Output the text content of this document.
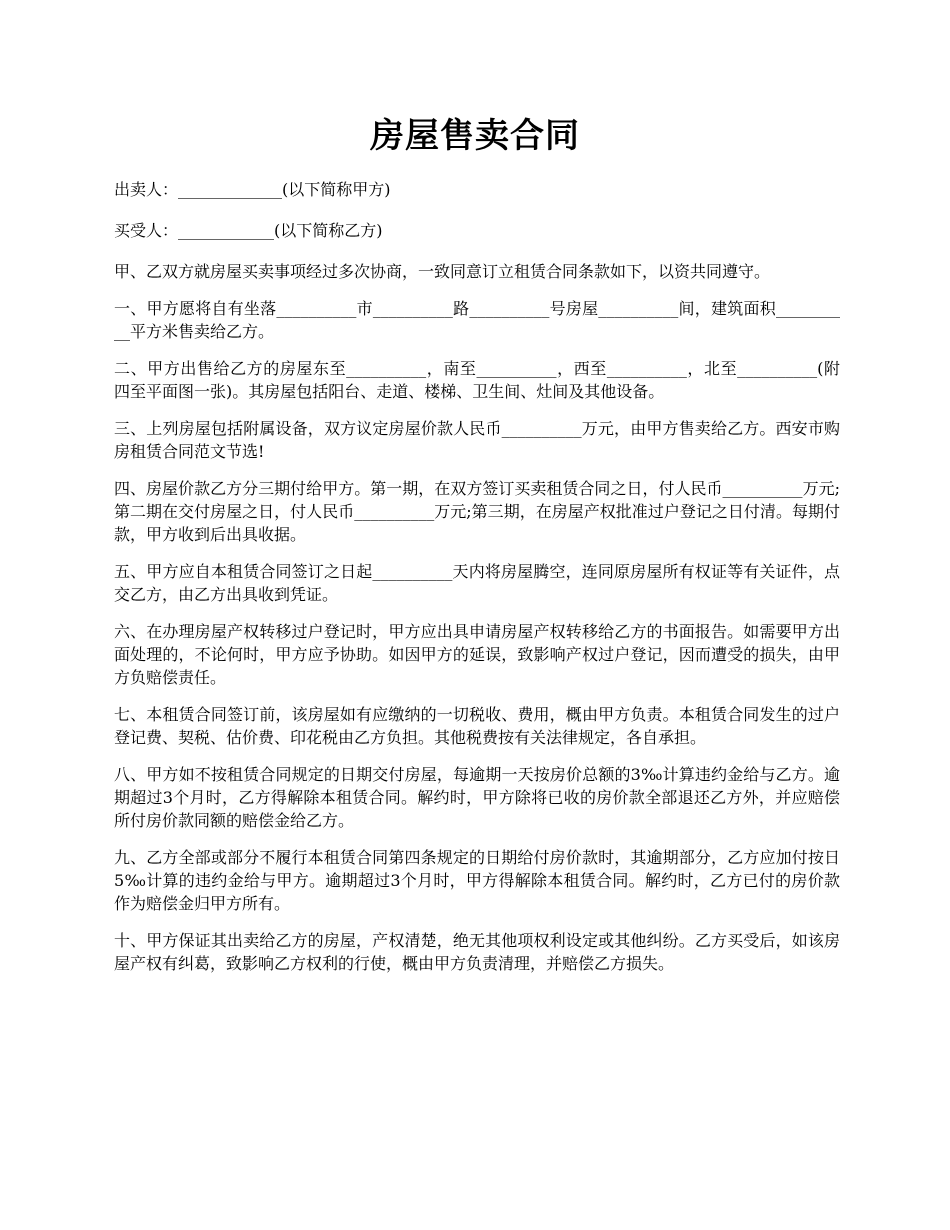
房屋售卖合同

出卖人：_____________(以下简称甲方)

买受人：____________(以下简称乙方)

甲、乙双方就房屋买卖事项经过多次协商，一致同意订立租赁合同条款如下，以资共同遵守。

一、甲方愿将自有坐落__________市__________路__________号房屋__________间，建筑面积__________平方米售卖给乙方。

二、甲方出售给乙方的房屋东至__________，南至__________，西至__________，北至__________(附四至平面图一张)。其房屋包括阳台、走道、楼梯、卫生间、灶间及其他设备。

三、上列房屋包括附属设备，双方议定房屋价款人民币__________万元，由甲方售卖给乙方。西安市购房租赁合同范文节选!

四、房屋价款乙方分三期付给甲方。第一期，在双方签订买卖租赁合同之日，付人民币__________万元;第二期在交付房屋之日，付人民币__________万元;第三期，在房屋产权批准过户登记之日付清。每期付款，甲方收到后出具收据。

五、甲方应自本租赁合同签订之日起__________天内将房屋腾空，连同原房屋所有权证等有关证件，点交乙方，由乙方出具收到凭证。

六、在办理房屋产权转移过户登记时，甲方应出具申请房屋产权转移给乙方的书面报告。如需要甲方出面处理的，不论何时，甲方应予协助。如因甲方的延误，致影响产权过户登记，因而遭受的损失，由甲方负赔偿责任。

七、本租赁合同签订前，该房屋如有应缴纳的一切税收、费用，概由甲方负责。本租赁合同发生的过户登记费、契税、估价费、印花税由乙方负担。其他税费按有关法律规定，各自承担。

八、甲方如不按租赁合同规定的日期交付房屋，每逾期一天按房价总额的3‰计算违约金给与乙方。逾期超过3个月时，乙方得解除本租赁合同。解约时，甲方除将已收的房价款全部退还乙方外，并应赔偿所付房价款同额的赔偿金给乙方。

九、乙方全部或部分不履行本租赁合同第四条规定的日期给付房价款时，其逾期部分，乙方应加付按日5‰计算的违约金给与甲方。逾期超过3个月时，甲方得解除本租赁合同。解约时，乙方已付的房价款作为赔偿金归甲方所有。

十、甲方保证其出卖给乙方的房屋，产权清楚，绝无其他项权利设定或其他纠纷。乙方买受后，如该房屋产权有纠葛，致影响乙方权利的行使，概由甲方负责清理，并赔偿乙方损失。
